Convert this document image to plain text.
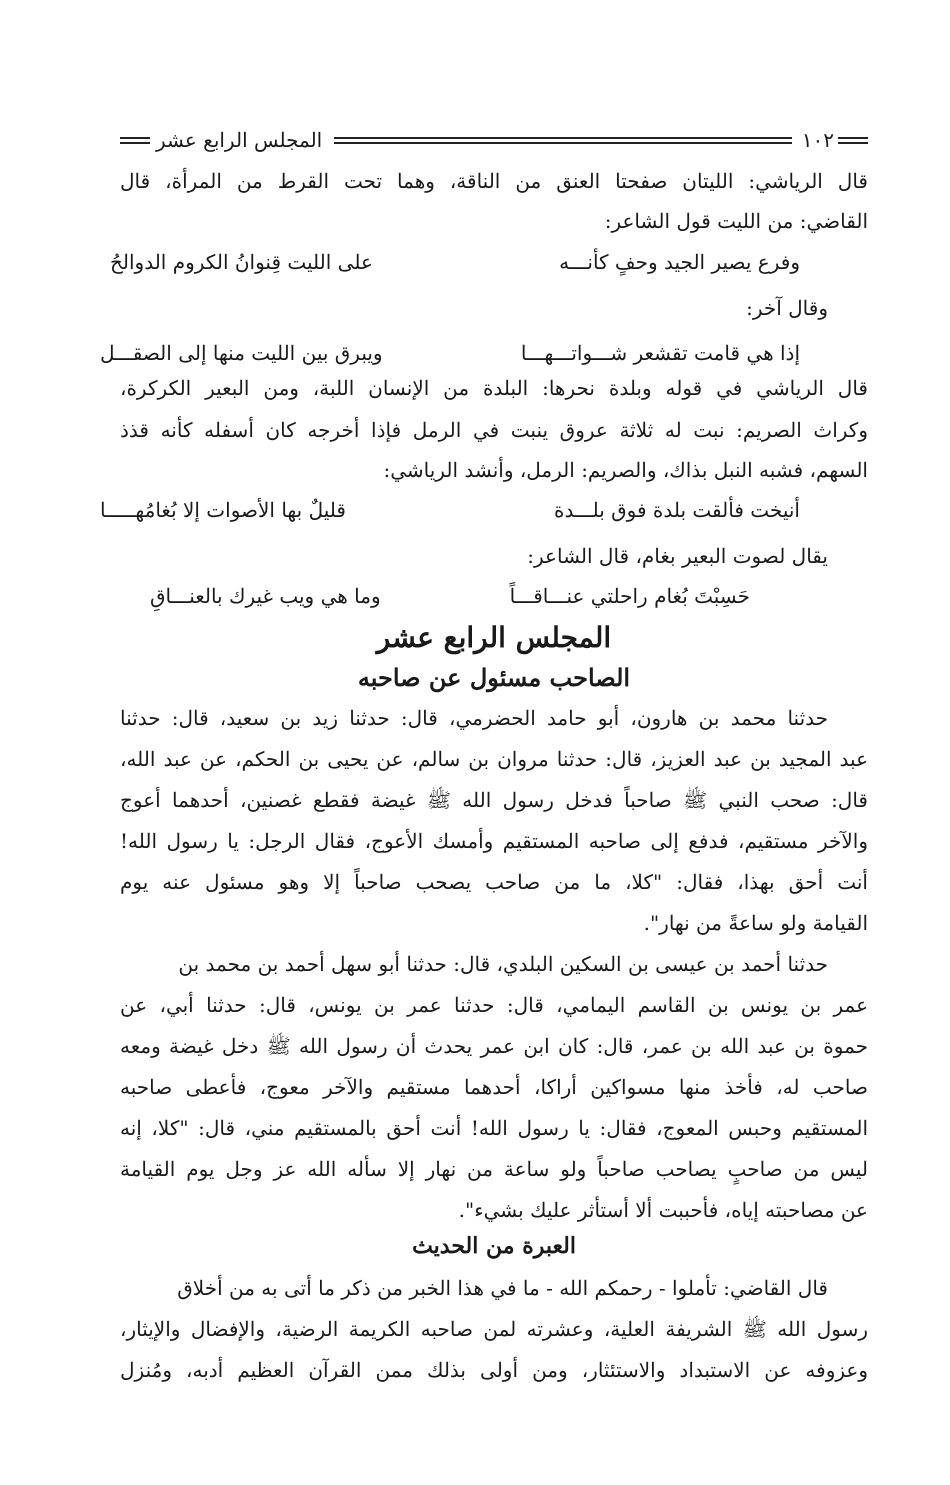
١٠٢
المجلس الرابع عشر
قال الرياشي: الليتان صفحتا العنق من الناقة، وهما تحت القرط من المرأة، قال
القاضي: من الليت قول الشاعر:
وفرع يصير الجيد وحفٍ كأنـــه
على الليت قِنوانُ الكروم الدوالحُ
وقال آخر:
إذا هي قامت تقشعر شـــواتـــهـــا
ويبرق بين الليت منها إلى الصقـــل
قال الرياشي في قوله وبلدة نحرها: البلدة من الإنسان اللبة، ومن البعير الكركرة،
وكراث الصريم: نبت له ثلاثة عروق ينبت في الرمل فإذا أخرجه كان أسفله كأنه قذذ
السهم، فشبه النبل بذاك، والصريم: الرمل، وأنشد الرياشي:
أنيخت فألقت بلدة فوق بلـــدة
قليلٌ بها الأصوات إلا بُغامُهـــــا
يقال لصوت البعير بغام، قال الشاعر:
حَسِبْتَ بُغام راحلتي عنـــاقـــاً
وما هي ويب غيرك بالعنـــاقِ
المجلس الرابع عشر
الصاحب مسئول عن صاحبه
حدثنا محمد بن هارون، أبو حامد الحضرمي، قال: حدثنا زيد بن سعيد، قال: حدثنا
عبد المجيد بن عبد العزيز، قال: حدثنا مروان بن سالم، عن يحيى بن الحكم، عن عبد الله،
قال: صحب النبي ﷺ صاحباً فدخل رسول الله ﷺ غيضة فقطع غصنين، أحدهما أعوج
والآخر مستقيم، فدفع إلى صاحبه المستقيم وأمسك الأعوج، فقال الرجل: يا رسول الله!
أنت أحق بهذا، فقال: "كلا، ما من صاحب يصحب صاحباً إلا وهو مسئول عنه يوم
القيامة ولو ساعةً من نهار".
حدثنا أحمد بن عيسى بن السكين البلدي، قال: حدثنا أبو سهل أحمد بن محمد بن
عمر بن يونس بن القاسم اليمامي، قال: حدثنا عمر بن يونس، قال: حدثنا أبي، عن
حموة بن عبد الله بن عمر، قال: كان ابن عمر يحدث أن رسول الله ﷺ دخل غيضة ومعه
صاحب له، فأخذ منها مسواكين أراكا، أحدهما مستقيم والآخر معوج، فأعطى صاحبه
المستقيم وحبس المعوج، فقال: يا رسول الله! أنت أحق بالمستقيم مني، قال: "كلا، إنه
ليس من صاحبٍ يصاحب صاحباً ولو ساعة من نهار إلا سأله الله عز وجل يوم القيامة
عن مصاحبته إياه، فأحببت ألا أستأثر عليك بشيء".
العبرة من الحديث
قال القاضي: تأملوا - رحمكم الله - ما في هذا الخبر من ذكر ما أتى به من أخلاق
رسول الله ﷺ الشريفة العلية، وعشرته لمن صاحبه الكريمة الرضية، والإفضال والإيثار،
وعزوفه عن الاستبداد والاستئثار، ومن أولى بذلك ممن القرآن العظيم أدبه، ومُنزل
